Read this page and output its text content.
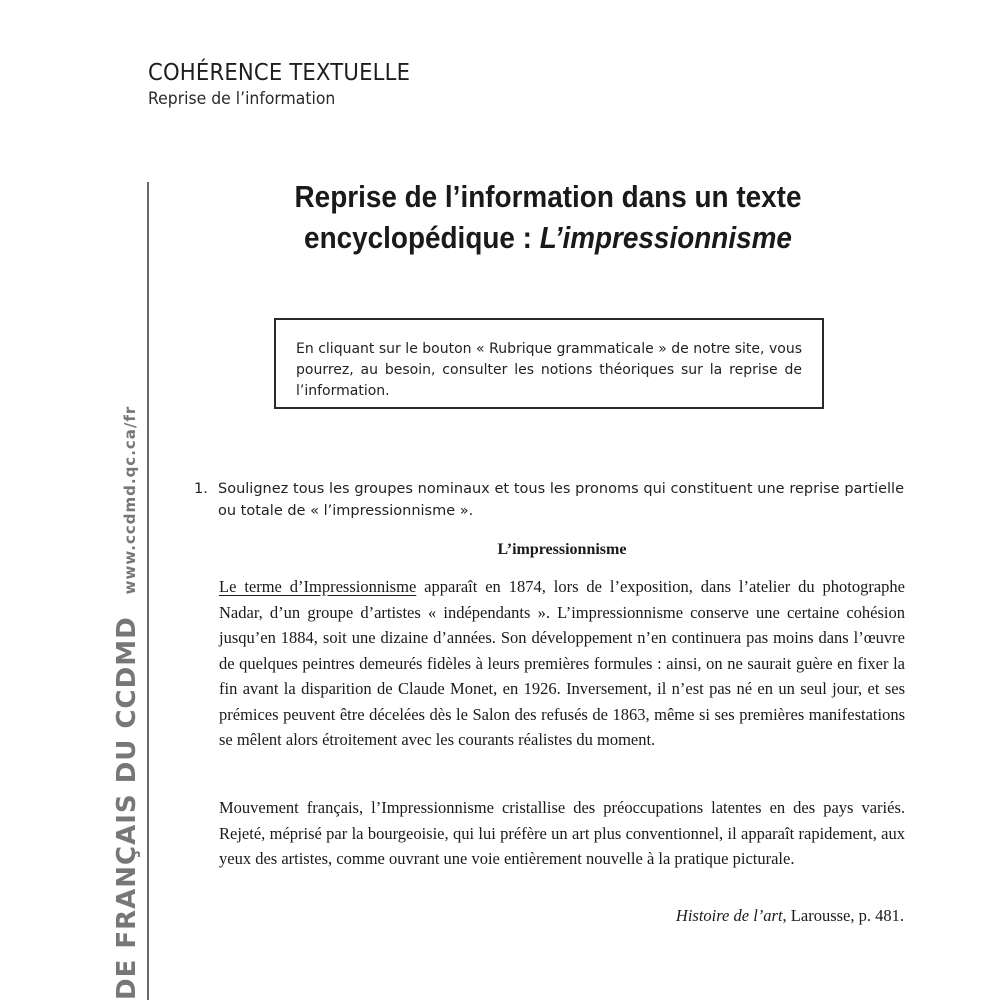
COHÉRENCE TEXTUELLE
Reprise de l’information
DE FRANÇAIS DU CCDMD
www.ccdmd.qc.ca/fr
Reprise de l’information dans un texte
encyclopédique : L’impressionnisme
En cliquant sur le bouton « Rubrique grammaticale » de notre site, vous pourrez, au besoin, consulter les notions théoriques sur la reprise de l’information.
1. Soulignez tous les groupes nominaux et tous les pronoms qui constituent une reprise partielle ou totale de « l’impressionnisme ».
L’impressionnisme
Le terme d’Impressionnisme apparaît en 1874, lors de l’exposition, dans l’atelier du photographe Nadar, d’un groupe d’artistes « indépendants ». L’impressionnisme conserve une certaine cohésion jusqu’en 1884, soit une dizaine d’années. Son développement n’en continuera pas moins dans l’œuvre de quelques peintres demeurés fidèles à leurs premières formules : ainsi, on ne saurait guère en fixer la fin avant la disparition de Claude Monet, en 1926. Inversement, il n’est pas né en un seul jour, et ses prémices peuvent être décelées dès le Salon des refusés de 1863, même si ses premières manifestations se mêlent alors étroitement avec les courants réalistes du moment.
Mouvement français, l’Impressionnisme cristallise des préoccupations latentes en des pays variés. Rejeté, méprisé par la bourgeoisie, qui lui préfère un art plus conventionnel, il apparaît rapidement, aux yeux des artistes, comme ouvrant une voie entièrement nouvelle à la pratique picturale.
Histoire de l’art, Larousse, p. 481.
